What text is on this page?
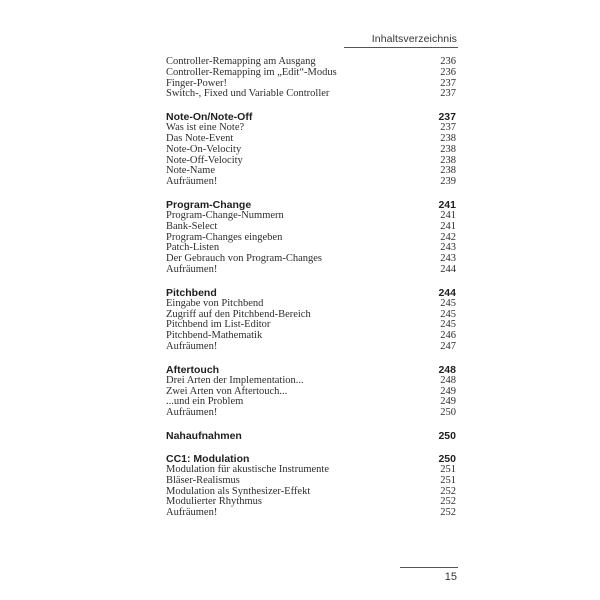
Inhaltsverzeichnis
Controller-Remapping am Ausgang	236
Controller-Remapping im „Edit“-Modus	236
Finger-Power!	237
Switch-, Fixed und Variable Controller	237
Note-On/Note-Off	237
Was ist eine Note?	237
Das Note-Event	238
Note-On-Velocity	238
Note-Off-Velocity	238
Note-Name	238
Aufräumen!	239
Program-Change	241
Program-Change-Nummern	241
Bank-Select	241
Program-Changes eingeben	242
Patch-Listen	243
Der Gebrauch von Program-Changes	243
Aufräumen!	244
Pitchbend	244
Eingabe von Pitchbend	245
Zugriff auf den Pitchbend-Bereich	245
Pitchbend im List-Editor	245
Pitchbend-Mathematik	246
Aufräumen!	247
Aftertouch	248
Drei Arten der Implementation...	248
Zwei Arten von Aftertouch...	249
...und ein Problem	249
Aufräumen!	250
Nahaufnahmen	250
CC1: Modulation	250
Modulation für akustische Instrumente	251
Bläser-Realismus	251
Modulation als Synthesizer-Effekt	252
Modulierter Rhythmus	252
Aufräumen!	252
15
